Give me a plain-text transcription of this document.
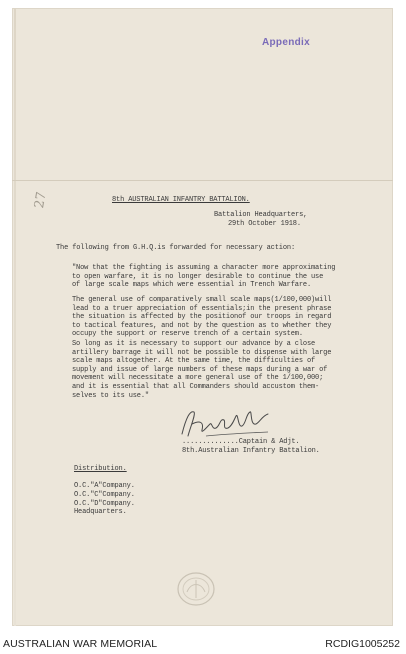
Appendix
27	8th AUSTRALIAN INFANTRY BATTALION.
Battalion Headquarters,
29th October 1918.
The following from G.H.Q.is forwarded for necessary action:
"Now that the fighting is assuming a character more approximating
to open warfare, it is no longer desirable to continue the use
of large scale maps which were essential in Trench Warfare.
The general use of comparatively small scale maps(1/100,000)will
lead to a truer appreciation of essentials;in the present phrase
the situation is affected by the positionof our troops in regard
to tactical features, and not by the question as to whether they
occupy the support or reserve trench of a certain system.
So long as it is necessary to support our advance by a close
artillery barrage it will not be possible to dispense with large
scale maps altogether. At the same time, the difficulties of
supply and issue of large numbers of these maps during a war of
movement will necessitate a more general use of the 1/100,000;
and it is essential that all Commanders should accustom them-
selves to its use."
..............Captain & Adjt.
8th.Australian Infantry Battalion.
Distribution.
O.C."A"Company.
O.C."C"Company.
O.C."D"Company.
Headquarters.
AUSTRALIAN WAR MEMORIAL	RCDIG1005252
